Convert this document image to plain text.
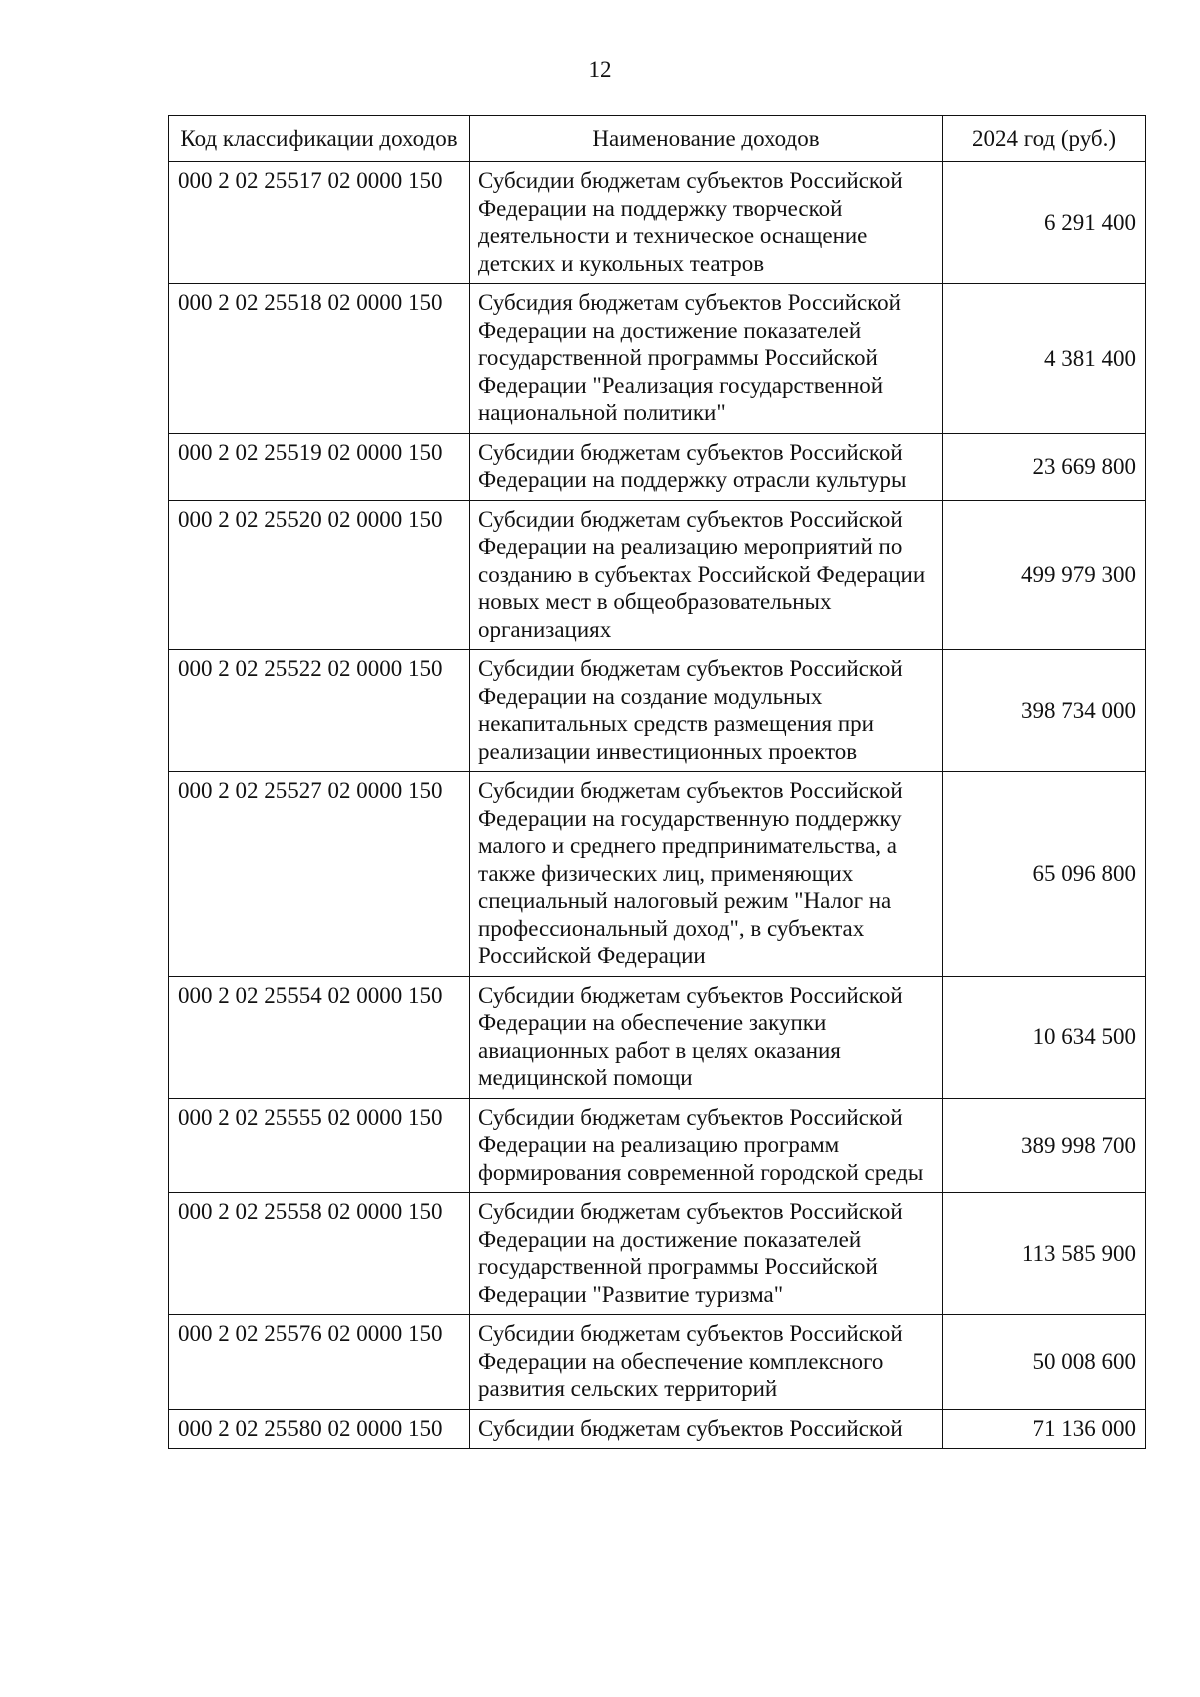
12
Код классификации доходов	Наименование доходов	2024 год (руб.)
000 2 02 25517 02 0000 150	Субсидии бюджетам субъектов Российской Федерации на поддержку творческой деятельности и техническое оснащение детских и кукольных театров	6 291 400
000 2 02 25518 02 0000 150	Субсидия бюджетам субъектов Российской Федерации на достижение показателей государственной программы Российской Федерации "Реализация государственной национальной политики"	4 381 400
000 2 02 25519 02 0000 150	Субсидии бюджетам субъектов Российской Федерации на поддержку отрасли культуры	23 669 800
000 2 02 25520 02 0000 150	Субсидии бюджетам субъектов Российской Федерации на реализацию мероприятий по созданию в субъектах Российской Федерации новых мест в общеобразовательных организациях	499 979 300
000 2 02 25522 02 0000 150	Субсидии бюджетам субъектов Российской Федерации на создание модульных некапитальных средств размещения при реализации инвестиционных проектов	398 734 000
000 2 02 25527 02 0000 150	Субсидии бюджетам субъектов Российской Федерации на государственную поддержку малого и среднего предпринимательства, а также физических лиц, применяющих специальный налоговый режим "Налог на профессиональный доход", в субъектах Российской Федерации	65 096 800
000 2 02 25554 02 0000 150	Субсидии бюджетам субъектов Российской Федерации на обеспечение закупки авиационных работ в целях оказания медицинской помощи	10 634 500
000 2 02 25555 02 0000 150	Субсидии бюджетам субъектов Российской Федерации на реализацию программ формирования современной городской среды	389 998 700
000 2 02 25558 02 0000 150	Субсидии бюджетам субъектов Российской Федерации на достижение показателей государственной программы Российской Федерации "Развитие туризма"	113 585 900
000 2 02 25576 02 0000 150	Субсидии бюджетам субъектов Российской Федерации на обеспечение комплексного развития сельских территорий	50 008 600
000 2 02 25580 02 0000 150	Субсидии бюджетам субъектов Российской	71 136 000
